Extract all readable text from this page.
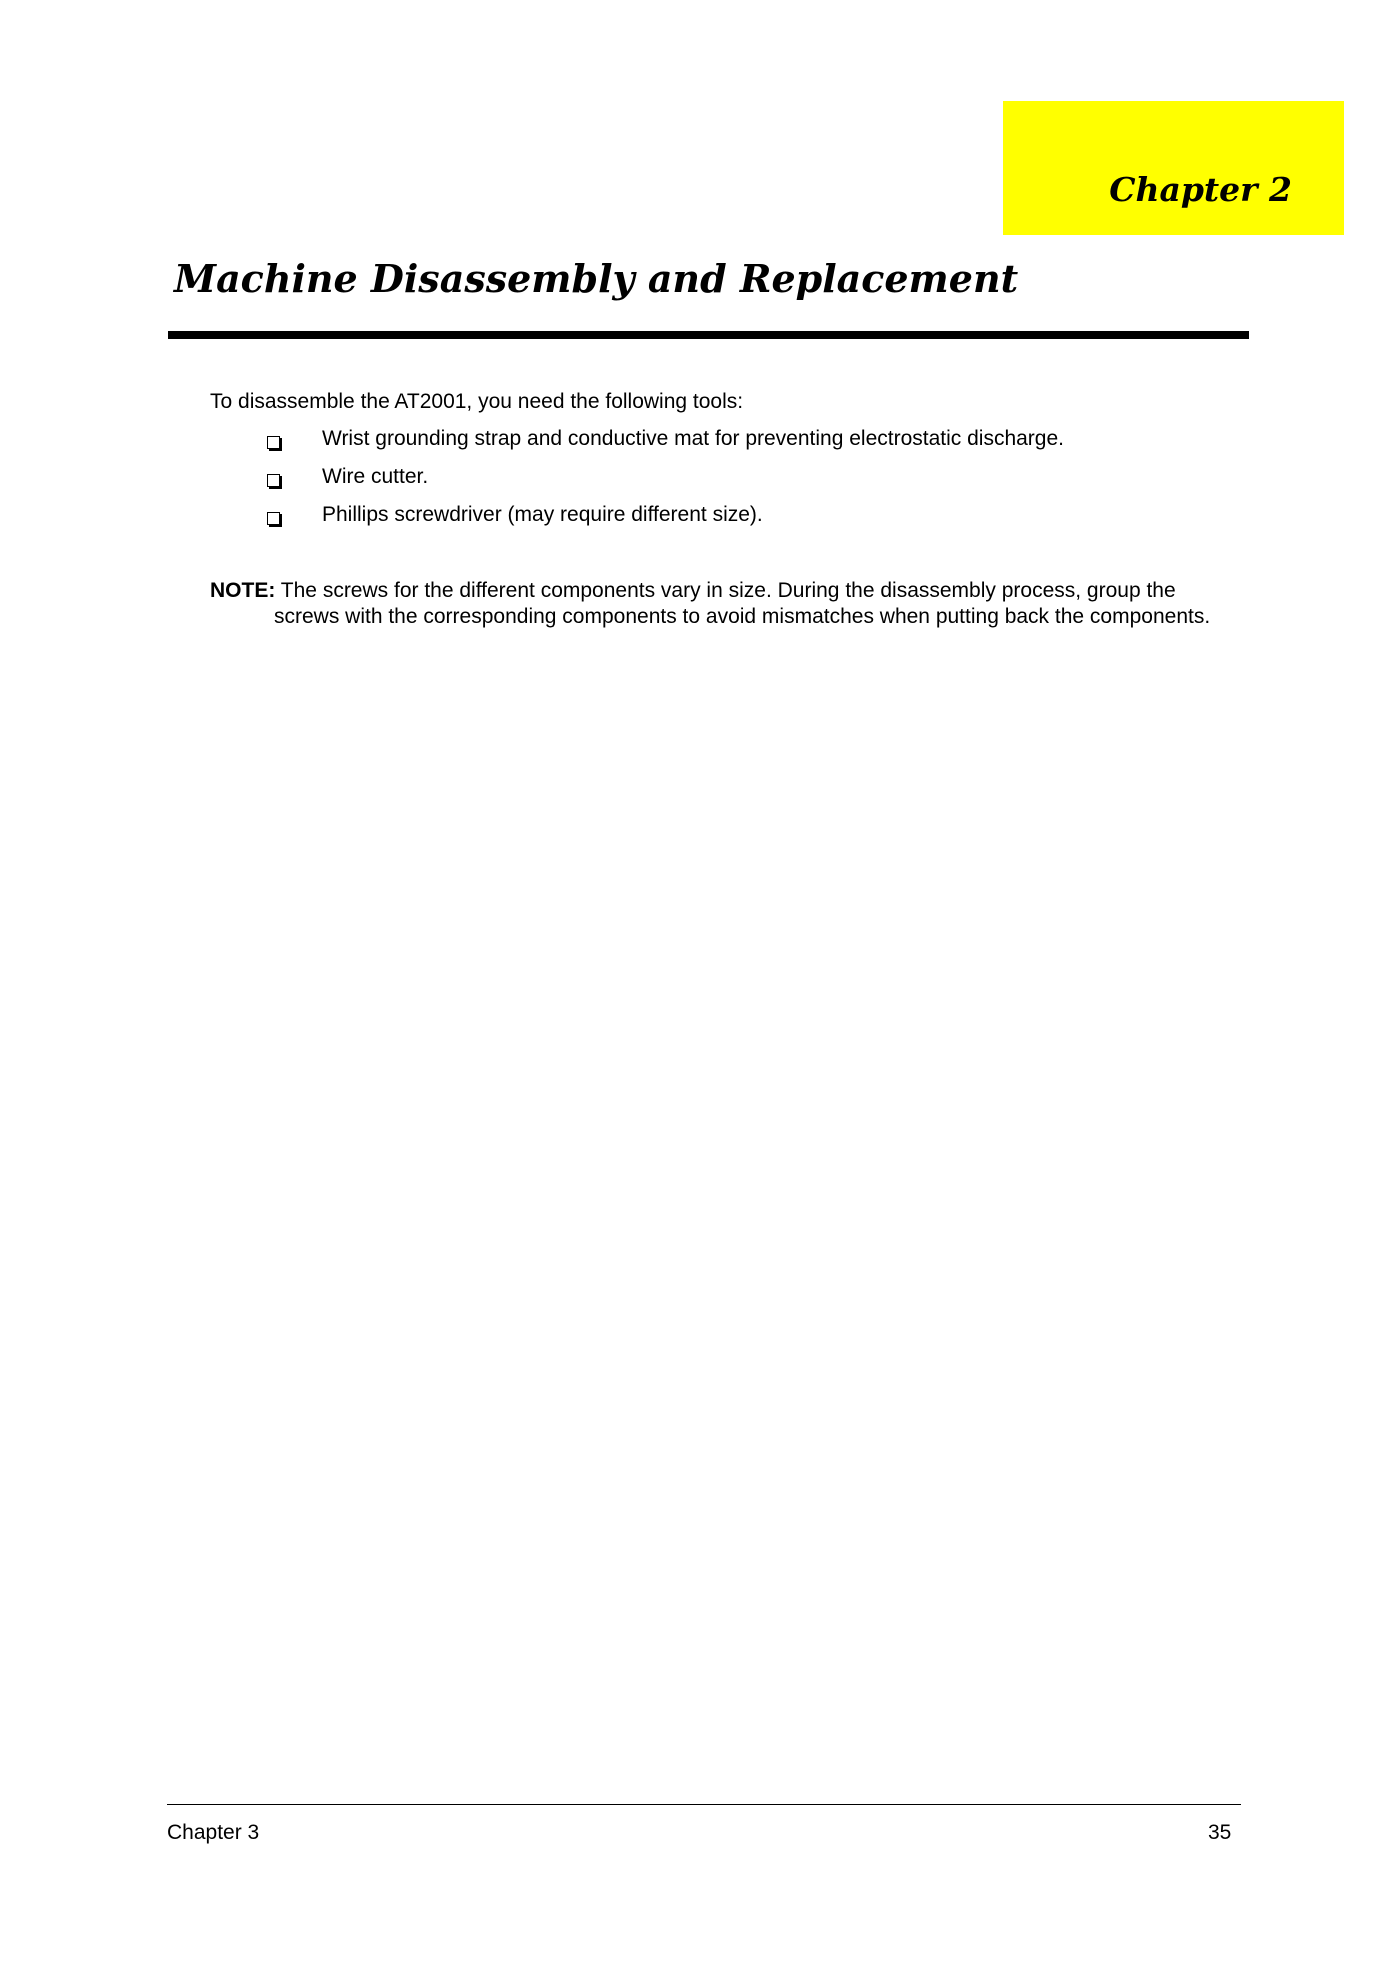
Chapter 2
Machine Disassembly and Replacement
To disassemble the AT2001, you need the following tools:
Wrist grounding strap and conductive mat for preventing electrostatic discharge.
Wire cutter.
Phillips screwdriver (may require different size).
NOTE: The screws for the different components vary in size. During the disassembly process, group the
screws with the corresponding components to avoid mismatches when putting back the components.
Chapter 3	35
